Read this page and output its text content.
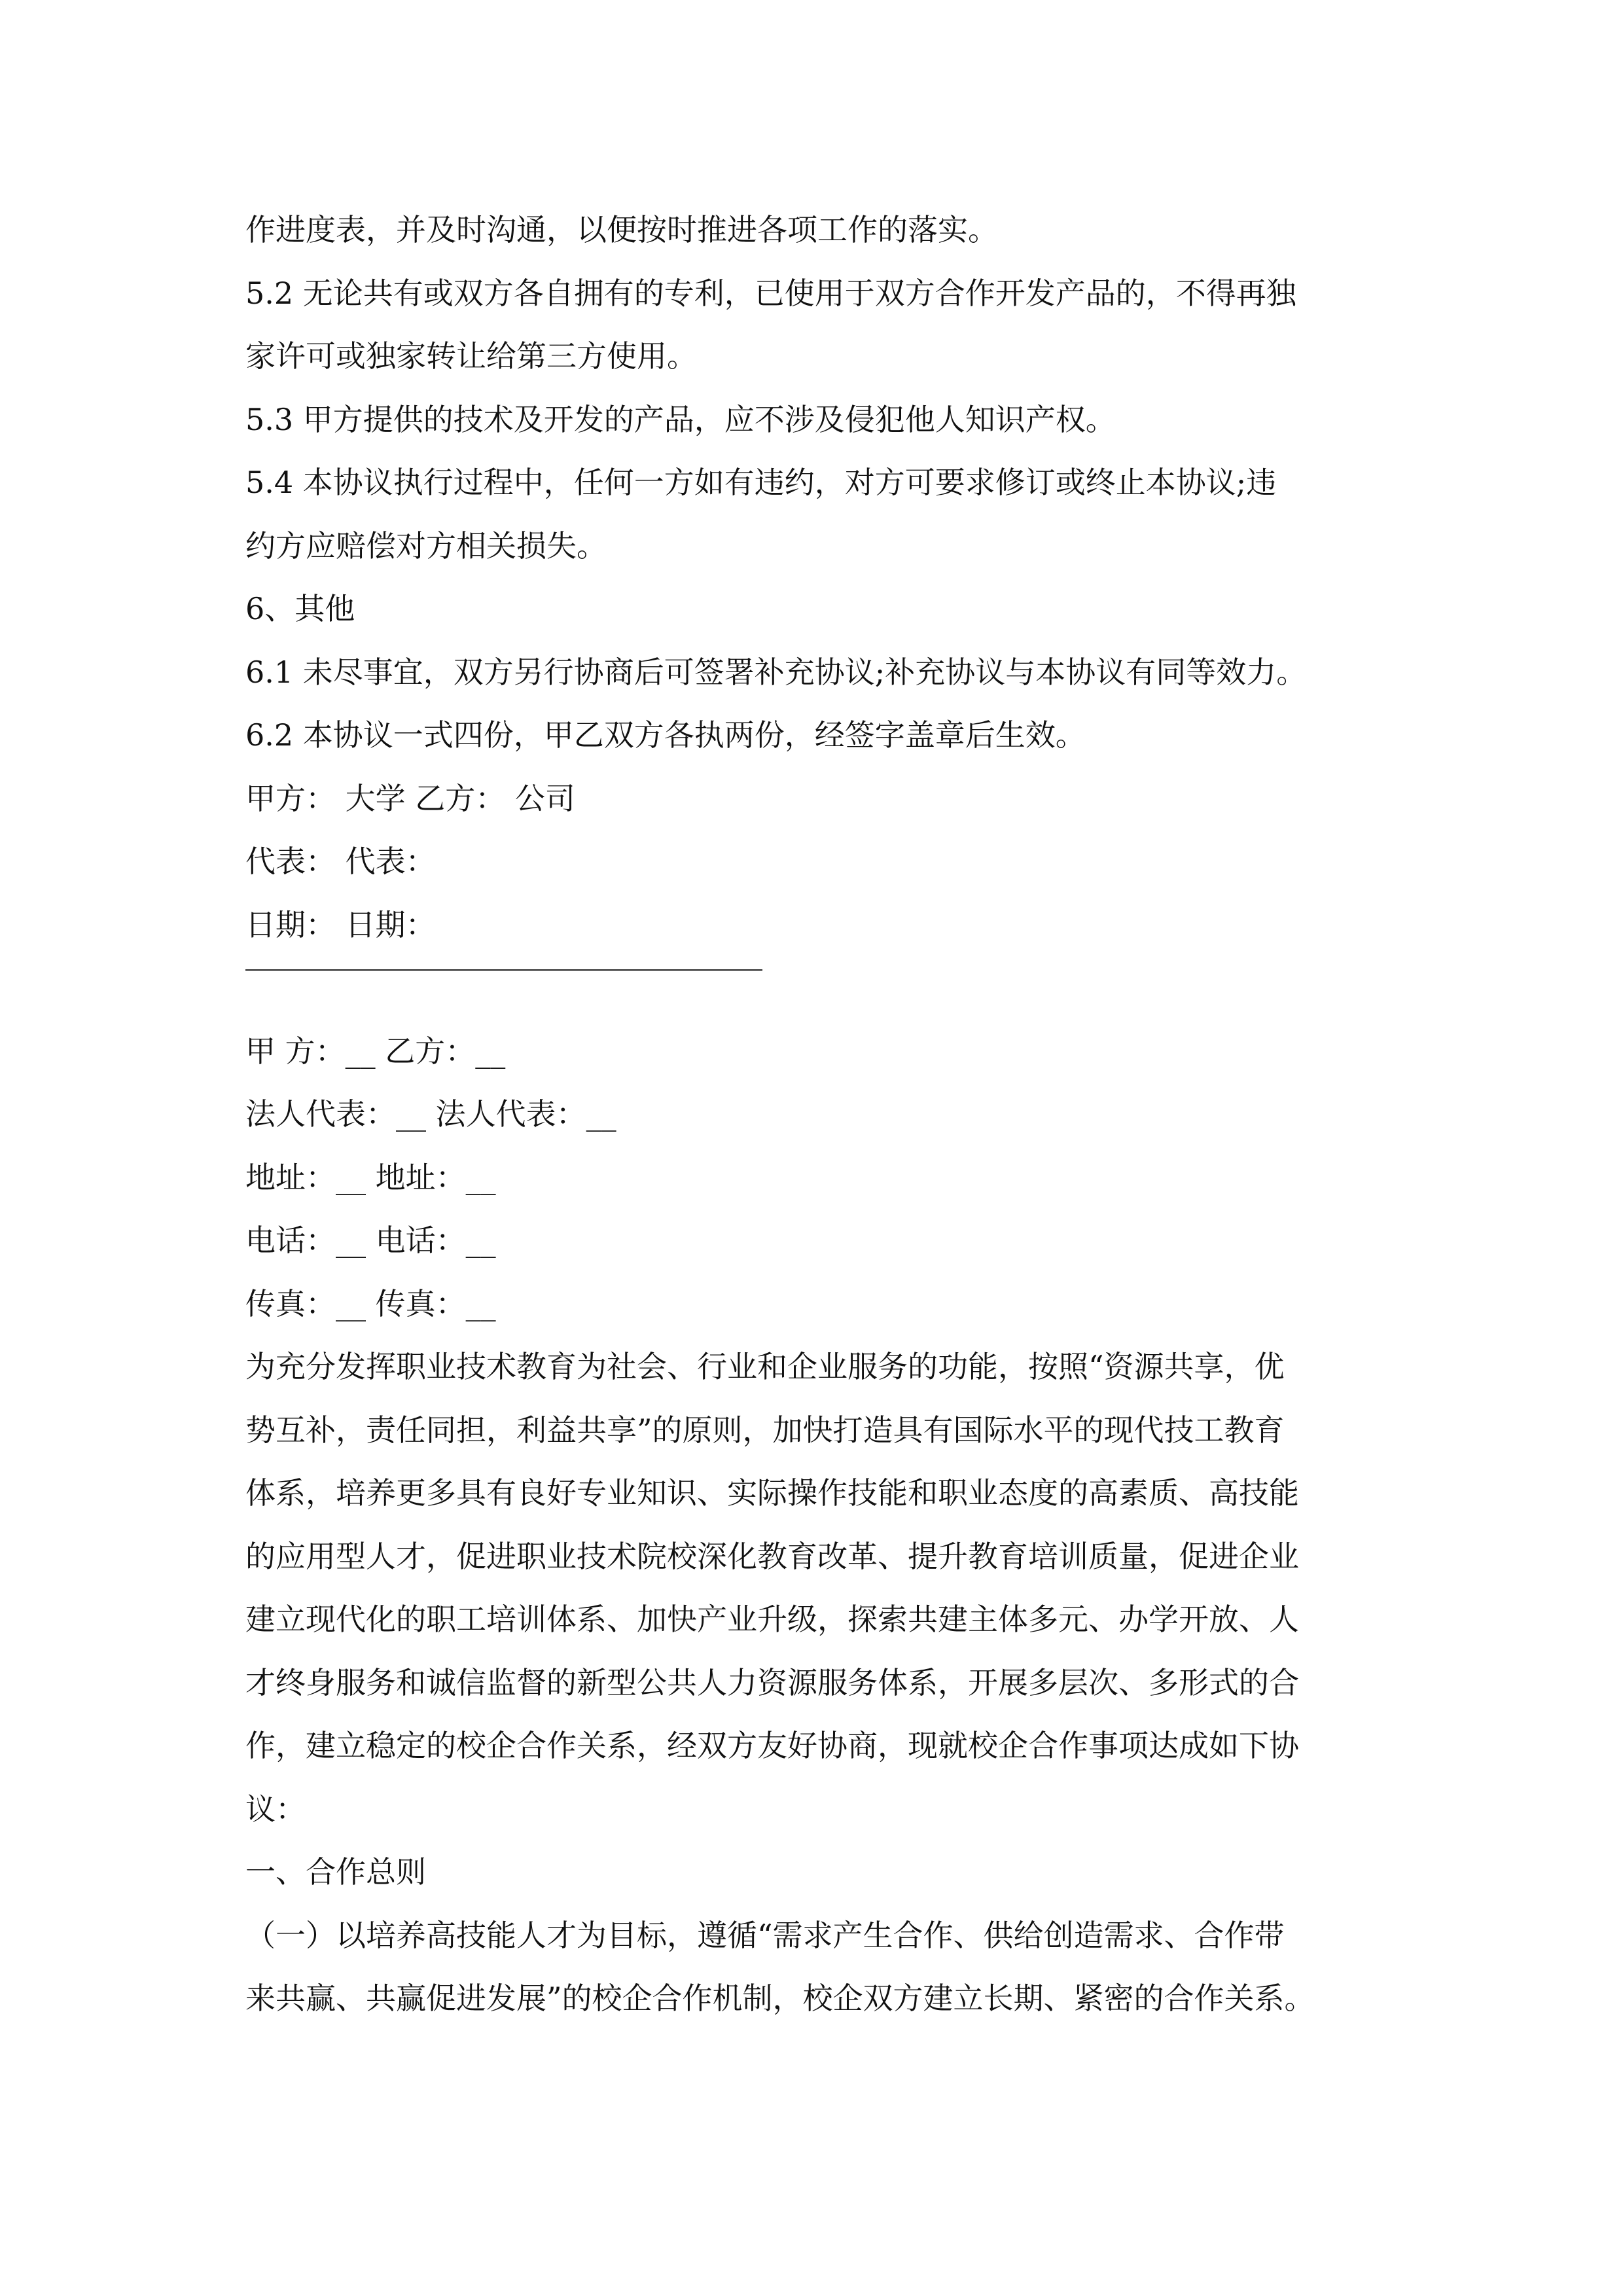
作进度表，并及时沟通，以便按时推进各项工作的落实。
5.2 无论共有或双方各自拥有的专利，已使用于双方合作开发产品的，不得再独
家许可或独家转让给第三方使用。
5.3 甲方提供的技术及开发的产品，应不涉及侵犯他人知识产权。
5.4 本协议执行过程中，任何一方如有违约，对方可要求修订或终止本协议;违
约方应赔偿对方相关损失。
6、其他
6.1 未尽事宜，双方另行协商后可签署补充协议;补充协议与本协议有同等效力。
6.2 本协议一式四份，甲乙双方各执两份，经签字盖章后生效。
甲方： 大学 乙方： 公司
代表： 代表：
日期： 日期：
甲 方：__ 乙方：__
法人代表：__ 法人代表：__
地址：__ 地址：__
电话：__ 电话：__
传真：__ 传真：__
为充分发挥职业技术教育为社会、行业和企业服务的功能，按照“资源共享，优
势互补，责任同担，利益共享”的原则，加快打造具有国际水平的现代技工教育
体系，培养更多具有良好专业知识、实际操作技能和职业态度的高素质、高技能
的应用型人才，促进职业技术院校深化教育改革、提升教育培训质量，促进企业
建立现代化的职工培训体系、加快产业升级，探索共建主体多元、办学开放、人
才终身服务和诚信监督的新型公共人力资源服务体系，开展多层次、多形式的合
作，建立稳定的校企合作关系，经双方友好协商，现就校企合作事项达成如下协
议：
一、合作总则
（一）以培养高技能人才为目标，遵循“需求产生合作、供给创造需求、合作带
来共赢、共赢促进发展”的校企合作机制，校企双方建立长期、紧密的合作关系。
